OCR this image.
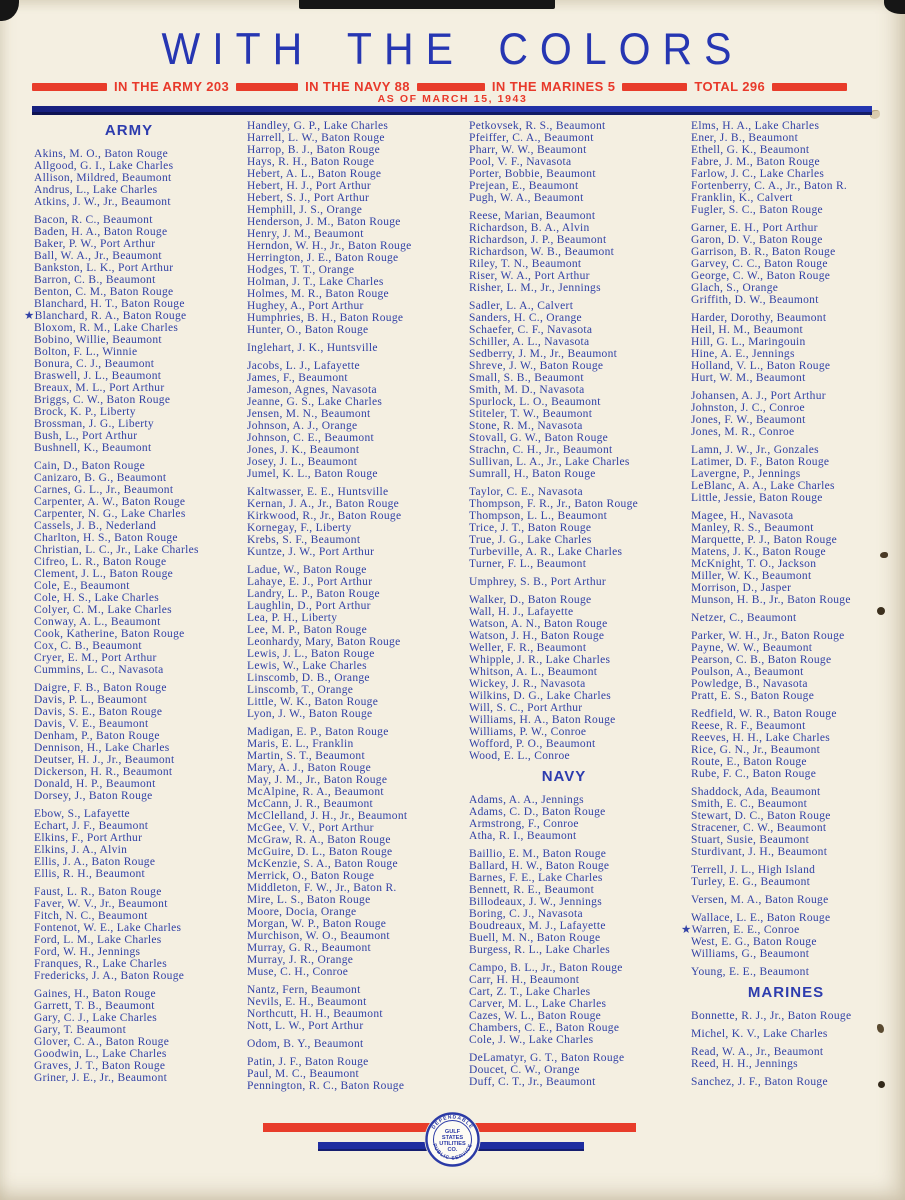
WITH THE COLORS
IN THE ARMY 203	IN THE NAVY 88	IN THE MARINES 5	TOTAL 296
AS OF MARCH 15, 1943
ARMY
Akins, M. O., Baton Rouge
Allgood, G. I., Lake Charles
Allison, Mildred, Beaumont
Andrus, L., Lake Charles
Atkins, J. W., Jr., Beaumont
Bacon, R. C., Beaumont
Baden, H. A., Baton Rouge
Baker, P. W., Port Arthur
Ball, W. A., Jr., Beaumont
Bankston, L. K., Port Arthur
Barron, C. B., Beaumont
Benton, C. M., Baton Rouge
Blanchard, H. T., Baton Rouge
★Blanchard, R. A., Baton Rouge
Bloxom, R. M., Lake Charles
Bobino, Willie, Beaumont
Bolton, F. L., Winnie
Bonura, C. J., Beaumont
Braswell, J. L., Beaumont
Breaux, M. L., Port Arthur
Briggs, C. W., Baton Rouge
Brock, K. P., Liberty
Brossman, J. G., Liberty
Bush, L., Port Arthur
Bushnell, K., Beaumont
Cain, D., Baton Rouge
Canizaro, B. G., Beaumont
Carnes, G. L., Jr., Beaumont
Carpenter, A. W., Baton Rouge
Carpenter, N. G., Lake Charles
Cassels, J. B., Nederland
Charlton, H. S., Baton Rouge
Christian, L. C., Jr., Lake Charles
Cifreo, L. R., Baton Rouge
Clement, J. L., Baton Rouge
Cole, E., Beaumont
Cole, H. S., Lake Charles
Colyer, C. M., Lake Charles
Conway, A. L., Beaumont
Cook, Katherine, Baton Rouge
Cox, C. B., Beaumont
Cryer, E. M., Port Arthur
Cummins, L. C., Navasota
Daigre, F. B., Baton Rouge
Davis, P. L., Beaumont
Davis, S. E., Baton Rouge
Davis, V. E., Beaumont
Denham, P., Baton Rouge
Dennison, H., Lake Charles
Deutser, H. J., Jr., Beaumont
Dickerson, H. R., Beaumont
Donald, H. P., Beaumont
Dorsey, J., Baton Rouge
Ebow, S., Lafayette
Echart, J. F., Beaumont
Elkins, F., Port Arthur
Elkins, J. A., Alvin
Ellis, J. A., Baton Rouge
Ellis, R. H., Beaumont
Faust, L. R., Baton Rouge
Faver, W. V., Jr., Beaumont
Fitch, N. C., Beaumont
Fontenot, W. E., Lake Charles
Ford, L. M., Lake Charles
Ford, W. H., Jennings
Franques, R., Lake Charles
Fredericks, J. A., Baton Rouge
Gaines, H., Baton Rouge
Garrett, T. B., Beaumont
Gary, C. J., Lake Charles
Gary, T. Beaumont
Glover, C. A., Baton Rouge
Goodwin, L., Lake Charles
Graves, J. T., Baton Rouge
Griner, J. E., Jr., Beaumont
Handley, G. P., Lake Charles
Harrell, L. W., Baton Rouge
Harrop, B. J., Baton Rouge
Hays, R. H., Baton Rouge
Hebert, A. L., Baton Rouge
Hebert, H. J., Port Arthur
Hebert, S. J., Port Arthur
Hemphill, J. S., Orange
Henderson, J. M., Baton Rouge
Henry, J. M., Beaumont
Herndon, W. H., Jr., Baton Rouge
Herrington, J. E., Baton Rouge
Hodges, T. T., Orange
Holman, J. T., Lake Charles
Holmes, M. R., Baton Rouge
Hughey, A., Port Arthur
Humphries, B. H., Baton Rouge
Hunter, O., Baton Rouge
Inglehart, J. K., Huntsville
Jacobs, L. J., Lafayette
James, F., Beaumont
Jameson, Agnes, Navasota
Jeanne, G. S., Lake Charles
Jensen, M. N., Beaumont
Johnson, A. J., Orange
Johnson, C. E., Beaumont
Jones, J. K., Beaumont
Josey, J. L., Beaumont
Jumel, K. L., Baton Rouge
Kaltwasser, E. E., Huntsville
Kernan, J. A., Jr., Baton Rouge
Kirkwood, R., Jr., Baton Rouge
Kornegay, F., Liberty
Krebs, S. F., Beaumont
Kuntze, J. W., Port Arthur
Ladue, W., Baton Rouge
Lahaye, E. J., Port Arthur
Landry, L. P., Baton Rouge
Laughlin, D., Port Arthur
Lea, P. H., Liberty
Lee, M. P., Baton Rouge
Leonhardy, Mary, Baton Rouge
Lewis, J. L., Baton Rouge
Lewis, W., Lake Charles
Linscomb, D. B., Orange
Linscomb, T., Orange
Little, W. K., Baton Rouge
Lyon, J. W., Baton Rouge
Madigan, E. P., Baton Rouge
Maris, E. L., Franklin
Martin, S. T., Beaumont
Mary, A. J., Baton Rouge
May, J. M., Jr., Baton Rouge
McAlpine, R. A., Beaumont
McCann, J. R., Beaumont
McClelland, J. H., Jr., Beaumont
McGee, V. V., Port Arthur
McGraw, R. A., Baton Rouge
McGuire, D. L., Baton Rouge
McKenzie, S. A., Baton Rouge
Merrick, O., Baton Rouge
Middleton, F. W., Jr., Baton R.
Mire, L. S., Baton Rouge
Moore, Docia, Orange
Morgan, W. P., Baton Rouge
Murchison, W. O., Beaumont
Murray, G. R., Beaumont
Murray, J. R., Orange
Muse, C. H., Conroe
Nantz, Fern, Beaumont
Nevils, E. H., Beaumont
Northcutt, H. H., Beaumont
Nott, L. W., Port Arthur
Odom, B. Y., Beaumont
Patin, J. F., Baton Rouge
Paul, M. C., Beaumont
Pennington, R. C., Baton Rouge
Petkovsek, R. S., Beaumont
Pfeiffer, C. A., Beaumont
Pharr, W. W., Beaumont
Pool, V. F., Navasota
Porter, Bobbie, Beaumont
Prejean, E., Beaumont
Pugh, W. A., Beaumont
Reese, Marian, Beaumont
Richardson, B. A., Alvin
Richardson, J. P., Beaumont
Richardson, W. B., Beaumont
Riley, T. N., Beaumont
Riser, W. A., Port Arthur
Risher, L. M., Jr., Jennings
Sadler, L. A., Calvert
Sanders, H. C., Orange
Schaefer, C. F., Navasota
Schiller, A. L., Navasota
Sedberry, J. M., Jr., Beaumont
Shreve, J. W., Baton Rouge
Small, S. B., Beaumont
Smith, M. D., Navasota
Spurlock, L. O., Beaumont
Stiteler, T. W., Beaumont
Stone, R. M., Navasota
Stovall, G. W., Baton Rouge
Strachn, C. H., Jr., Beaumont
Sullivan, L. A., Jr., Lake Charles
Sumrall, H., Baton Rouge
Taylor, C. E., Navasota
Thompson, F. R., Jr., Baton Rouge
Thompson, L. L., Beaumont
Trice, J. T., Baton Rouge
True, J. G., Lake Charles
Turbeville, A. R., Lake Charles
Turner, F. L., Beaumont
Umphrey, S. B., Port Arthur
Walker, D., Baton Rouge
Wall, H. J., Lafayette
Watson, A. N., Baton Rouge
Watson, J. H., Baton Rouge
Weller, F. R., Beaumont
Whipple, J. R., Lake Charles
Whitson, A. L., Beaumont
Wickey, J. R., Navasota
Wilkins, D. G., Lake Charles
Will, S. C., Port Arthur
Williams, H. A., Baton Rouge
Williams, P. W., Conroe
Wofford, P. O., Beaumont
Wood, E. L., Conroe
NAVY
Adams, A. A., Jennings
Adams, C. D., Baton Rouge
Armstrong, F., Conroe
Atha, R. I., Beaumont
Baillio, E. M., Baton Rouge
Ballard, H. W., Baton Rouge
Barnes, F. E., Lake Charles
Bennett, R. E., Beaumont
Billodeaux, J. W., Jennings
Boring, C. J., Navasota
Boudreaux, M. J., Lafayette
Buell, M. N., Baton Rouge
Burgess, R. L., Lake Charles
Campo, B. L., Jr., Baton Rouge
Carr, H. H., Beaumont
Cart, Z. T., Lake Charles
Carver, M. L., Lake Charles
Cazes, W. L., Baton Rouge
Chambers, C. E., Baton Rouge
Cole, J. W., Lake Charles
DeLamatyr, G. T., Baton Rouge
Doucet, C. W., Orange
Duff, C. T., Jr., Beaumont
Elms, H. A., Lake Charles
Ener, J. B., Beaumont
Ethell, G. K., Beaumont
Fabre, J. M., Baton Rouge
Farlow, J. C., Lake Charles
Fortenberry, C. A., Jr., Baton R.
Franklin, K., Calvert
Fugler, S. C., Baton Rouge
Garner, E. H., Port Arthur
Garon, D. V., Baton Rouge
Garrison, B. R., Baton Rouge
Garvey, C. C., Baton Rouge
George, C. W., Baton Rouge
Glach, S., Orange
Griffith, D. W., Beaumont
Harder, Dorothy, Beaumont
Heil, H. M., Beaumont
Hill, G. L., Maringouin
Hine, A. E., Jennings
Holland, V. L., Baton Rouge
Hurt, W. M., Beaumont
Johansen, A. J., Port Arthur
Johnston, J. C., Conroe
Jones, F. W., Beaumont
Jones, M. R., Conroe
Lamn, J. W., Jr., Gonzales
Latimer, D. F., Baton Rouge
Lavergne, P., Jennings
LeBlanc, A. A., Lake Charles
Little, Jessie, Baton Rouge
Magee, H., Navasota
Manley, R. S., Beaumont
Marquette, P. J., Baton Rouge
Matens, J. K., Baton Rouge
McKnight, T. O., Jackson
Miller, W. K., Beaumont
Morrison, D., Jasper
Munson, H. B., Jr., Baton Rouge
Netzer, C., Beaumont
Parker, W. H., Jr., Baton Rouge
Payne, W. W., Beaumont
Pearson, C. B., Baton Rouge
Poulson, A., Beaumont
Powledge, B., Navasota
Pratt, E. S., Baton Rouge
Redfield, W. R., Baton Rouge
Reese, R. F., Beaumont
Reeves, H. H., Lake Charles
Rice, G. N., Jr., Beaumont
Route, E., Baton Rouge
Rube, F. C., Baton Rouge
Shaddock, Ada, Beaumont
Smith, E. C., Beaumont
Stewart, D. C., Baton Rouge
Stracener, C. W., Beaumont
Stuart, Susie, Beaumont
Sturdivant, J. H., Beaumont
Terrell, J. L., High Island
Turley, E. G., Beaumont
Versen, M. A., Baton Rouge
Wallace, L. E., Baton Rouge
★Warren, E. E., Conroe
West, E. G., Baton Rouge
Williams, G., Beaumont
Young, E. E., Beaumont
MARINES
Bonnette, R. J., Jr., Baton Rouge
Michel, K. V., Lake Charles
Read, W. A., Jr., Beaumont
Reed, H. H., Jennings
Sanchez, J. F., Baton Rouge
DEPENDABLE
PUBLIC SERVICE
GULF
STATES
UTILITIES
CO.
